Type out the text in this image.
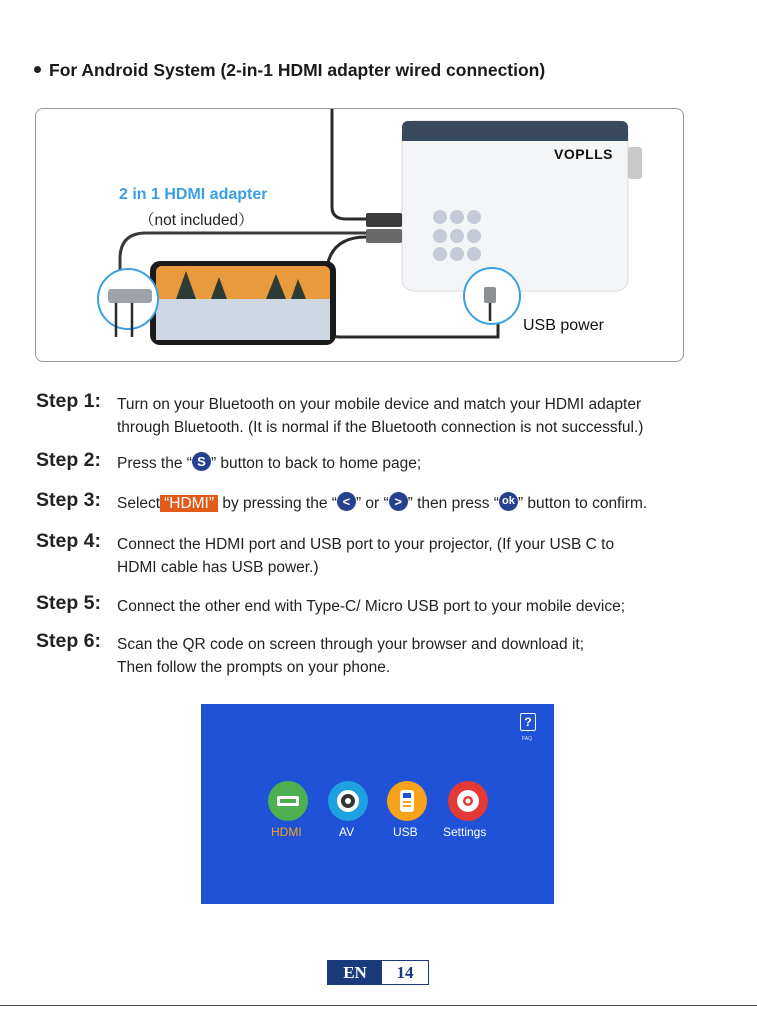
For Android System (2-in-1 HDMI adapter wired connection)
VOPLLS
2 in 1 HDMI adapter
（not included）
USB power
Step 1: Turn on your Bluetooth on your mobile device and match your HDMI adapter
through Bluetooth. (It is normal if the Bluetooth connection is not successful.)
Step 2: Press the “ S ” button to back to home page;
Step 3: Select “HDMI” by pressing the “ < ” or “ > ” then press “ ok ” button to confirm.
Step 4: Connect the HDMI port and USB port to your projector, (If your USB C to
HDMI cable has USB power.)
Step 5: Connect the other end with Type-C/ Micro USB port to your mobile device;
Step 6: Scan the QR code on screen through your browser and download it;
Then follow the prompts on your phone.
?
FAQ
HDMI	AV	USB Settings
EN	14
